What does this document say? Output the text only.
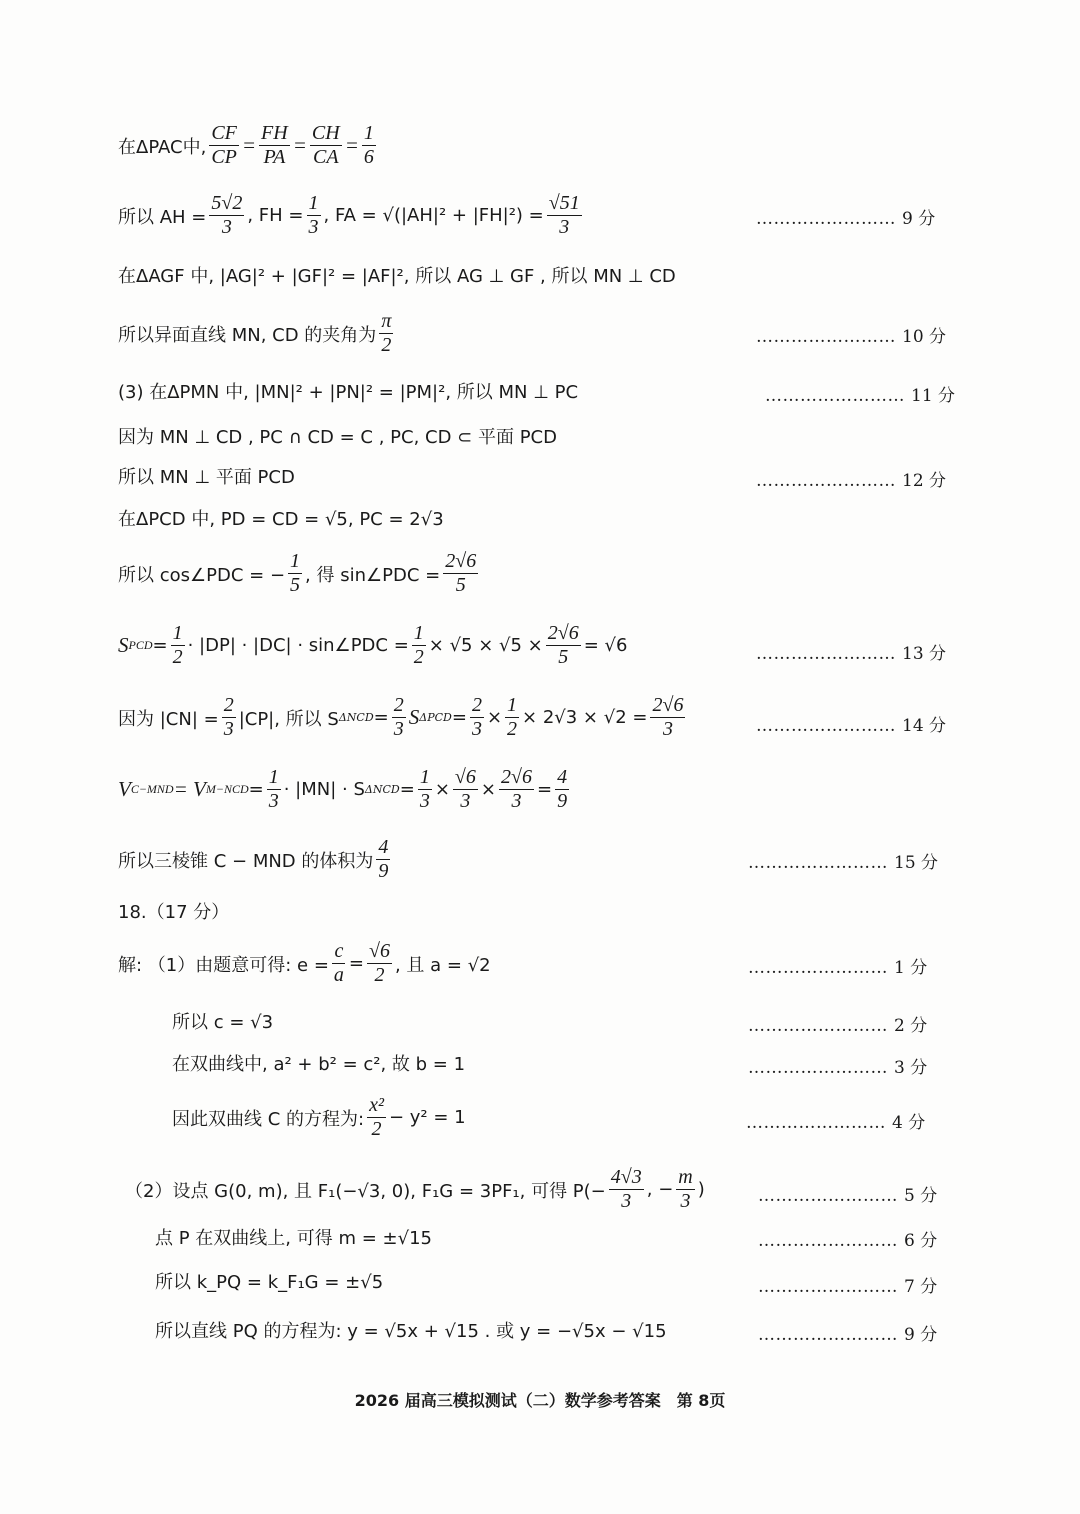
在ΔPAC中, $\frac{CF}{CP} = \frac{FH}{PA} = \frac{CH}{CA} = \frac{1}{6}$
所以 AH = $\frac{5√2}{3}$ , FH = $\frac{1}{3}$ , FA = $√(|AH|^2 + |FH|^2) = \frac{√51}{3}$	…………………… 9 分
在ΔAGF 中, |AG|² + |GF|² = |AF|², 所以 AG ⊥ GF , 所以 MN ⊥ CD
所以异面直线 MN, CD 的夹角为 $\frac{\pi}{2}$	…………………… 10 分
(3) 在ΔPMN 中, |MN|² + |PN|² = |PM|², 所以 MN ⊥ PC	…………………… 11 分
因为 MN ⊥ CD , PC ∩ CD = C , PC, CD ⊂ 平面 PCD
所以 MN ⊥ 平面 PCD	…………………… 12 分
在ΔPCD 中, PD = CD = √5, PC = 2√3
所以 cos∠PDC = − $\frac{1}{5}$ , 得 sin∠PDC = $\frac{2√6}{5}$
S PCD = $\frac{1}{2} \cdot |DP| \cdot |DC|$ · sin∠PDC = $\frac{1}{2} \times √5 \times √5 \times \frac{2√6}{5} = √6$	…………………… 13 分
因为 $|CN| = \frac{2}{3} |CP|$, 所以 S $\Delta NCD = \frac{2}{3}$ S $\Delta PCD = \frac{2}{3} \times \frac{1}{2} \times 2√3 \times √2 = \frac{2√6}{3}$	…………………… 14 分
V C−MND = V $M-NCD = \frac{1}{3} \cdot |MN| \cdot S$ $\Delta NCD = \frac{1}{3} \times \frac{√6}{3} \times \frac{2√6}{3} = \frac{4}{9}$
所以三棱锥 C − MND 的体积为 $\frac{4}{9}$	…………………… 15 分
18.（17 分）
解: （1）由题意可得: $e = \frac{c}{a} = \frac{√6}{2}$ , 且 a = √2	…………………… 1 分
所以 c = √3	…………………… 2 分
在双曲线中, a² + b² = c², 故 b = 1	…………………… 3 分
因此双曲线 C 的方程为: $\frac{\text{x²}}{2} - y^2 = 1$	…………………… 4 分
（2）设点 G(0, m), 且 F₁(−√3, 0), F₁G = 3PF₁, 可得 $P(- \frac{4√3}{3}$ , − $\frac{m}{3}$ )	…………………… 5 分
点 P 在双曲线上, 可得 m = ±√15	…………………… 6 分
所以 k_PQ = k_F₁G = ±√5	…………………… 7 分
所以直线 PQ 的方程为: y = √5x + √15 . 或 y = −√5x − √15	…………………… 9 分
2026 届高三模拟测试（二）数学参考答案　第 8页
